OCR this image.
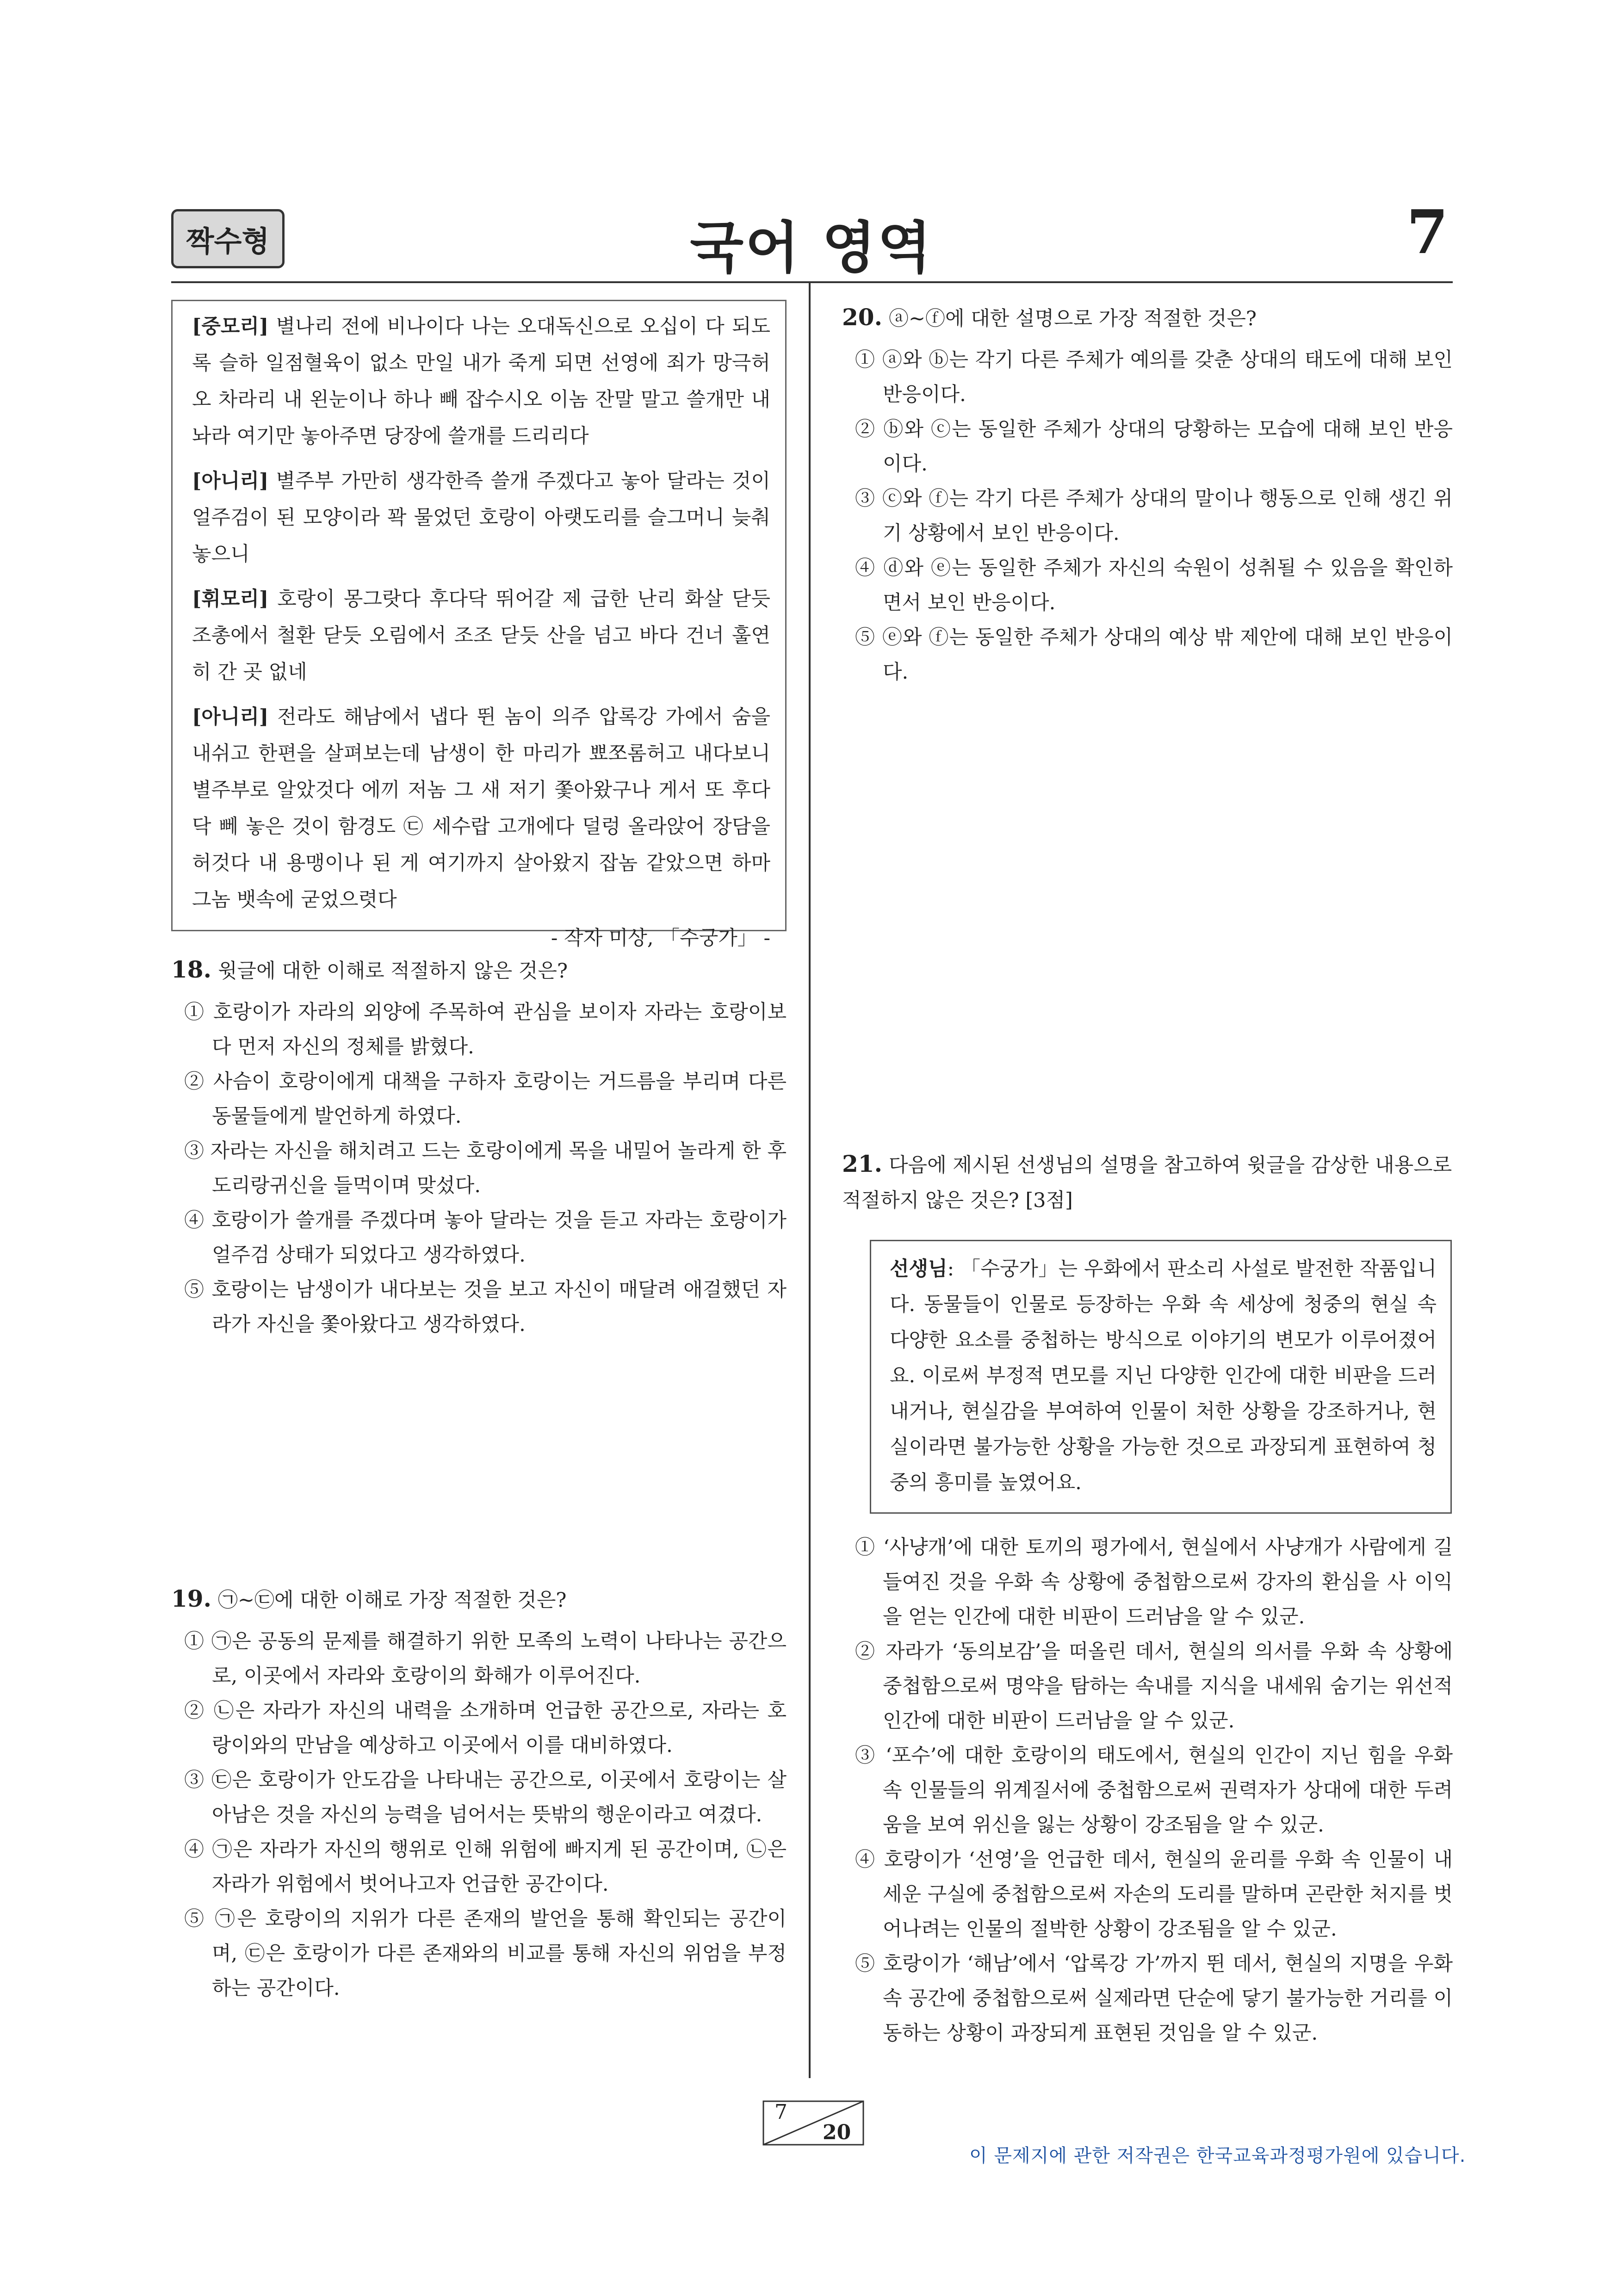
짝수형	국어 영역	7

[중모리] 별나리 전에 비나이다 나는 오대독신으로 오십이 다 되도록 슬하 일점혈육이 없소 만일 내가 죽게 되면 선영에 죄가 망극허오 차라리 내 왼눈이나 하나 빼 잡수시오 이놈 잔말 말고 쓸개만 내놔라 여기만 놓아주면 당장에 쓸개를 드리리다

[아니리] 별주부 가만히 생각한즉 쓸개 주겠다고 놓아 달라는 것이 얼주검이 된 모양이라 꽉 물었던 호랑이 아랫도리를 슬그머니 늦춰 놓으니

[휘모리] 호랑이 몽그랏다 후다닥 뛰어갈 제 급한 난리 화살 닫듯 조총에서 철환 닫듯 오림에서 조조 닫듯 산을 넘고 바다 건너 훌연히 간 곳 없네

[아니리] 전라도 해남에서 냅다 뛴 놈이 의주 압록강 가에서 숨을 내쉬고 한편을 살펴보는데 남생이 한 마리가 뾰쪼롬허고 내다보니 별주부로 알았것다 에끼 저놈 그 새 저기 쫓아왔구나 게서 또 후다닥 뻬 놓은 것이 함경도 ㉢ 세수랍 고개에다 덜렁 올라앉어 장담을 허것다 내 용맹이나 된 게 여기까지 살아왔지 잡놈 같았으면 하마 그놈 뱃속에 굳었으렷다

- 작자 미상, 「수궁가」 -

18. 윗글에 대한 이해로 적절하지 않은 것은?

① 호랑이가 자라의 외양에 주목하여 관심을 보이자 자라는 호랑이보다 먼저 자신의 정체를 밝혔다.

② 사슴이 호랑이에게 대책을 구하자 호랑이는 거드름을 부리며 다른 동물들에게 발언하게 하였다.

③ 자라는 자신을 해치려고 드는 호랑이에게 목을 내밀어 놀라게 한 후 도리랑귀신을 들먹이며 맞섰다.

④ 호랑이가 쓸개를 주겠다며 놓아 달라는 것을 듣고 자라는 호랑이가 얼주검 상태가 되었다고 생각하였다.

⑤ 호랑이는 남생이가 내다보는 것을 보고 자신이 매달려 애걸했던 자라가 자신을 쫓아왔다고 생각하였다.

19. ㉠~㉢에 대한 이해로 가장 적절한 것은?

① ㉠은 공동의 문제를 해결하기 위한 모족의 노력이 나타나는 공간으로, 이곳에서 자라와 호랑이의 화해가 이루어진다.

② ㉡은 자라가 자신의 내력을 소개하며 언급한 공간으로, 자라는 호랑이와의 만남을 예상하고 이곳에서 이를 대비하였다.

③ ㉢은 호랑이가 안도감을 나타내는 공간으로, 이곳에서 호랑이는 살아남은 것을 자신의 능력을 넘어서는 뜻밖의 행운이라고 여겼다.

④ ㉠은 자라가 자신의 행위로 인해 위험에 빠지게 된 공간이며, ㉡은 자라가 위험에서 벗어나고자 언급한 공간이다.

⑤ ㉠은 호랑이의 지위가 다른 존재의 발언을 통해 확인되는 공간이며, ㉢은 호랑이가 다른 존재와의 비교를 통해 자신의 위엄을 부정하는 공간이다.

20. ⓐ~ⓕ에 대한 설명으로 가장 적절한 것은?

① ⓐ와 ⓑ는 각기 다른 주체가 예의를 갖춘 상대의 태도에 대해 보인 반응이다.

② ⓑ와 ⓒ는 동일한 주체가 상대의 당황하는 모습에 대해 보인 반응이다.

③ ⓒ와 ⓕ는 각기 다른 주체가 상대의 말이나 행동으로 인해 생긴 위기 상황에서 보인 반응이다.

④ ⓓ와 ⓔ는 동일한 주체가 자신의 숙원이 성취될 수 있음을 확인하면서 보인 반응이다.

⑤ ⓔ와 ⓕ는 동일한 주체가 상대의 예상 밖 제안에 대해 보인 반응이다.

21. 다음에 제시된 선생님의 설명을 참고하여 윗글을 감상한 내용으로 적절하지 않은 것은? [3점]

선생님: 「수궁가」는 우화에서 판소리 사설로 발전한 작품입니다. 동물들이 인물로 등장하는 우화 속 세상에 청중의 현실 속 다양한 요소를 중첩하는 방식으로 이야기의 변모가 이루어졌어요. 이로써 부정적 면모를 지닌 다양한 인간에 대한 비판을 드러내거나, 현실감을 부여하여 인물이 처한 상황을 강조하거나, 현실이라면 불가능한 상황을 가능한 것으로 과장되게 표현하여 청중의 흥미를 높였어요.

① ‘사냥개’에 대한 토끼의 평가에서, 현실에서 사냥개가 사람에게 길들여진 것을 우화 속 상황에 중첩함으로써 강자의 환심을 사 이익을 얻는 인간에 대한 비판이 드러남을 알 수 있군.

② 자라가 ‘동의보감’을 떠올린 데서, 현실의 의서를 우화 속 상황에 중첩함으로써 명약을 탐하는 속내를 지식을 내세워 숨기는 위선적 인간에 대한 비판이 드러남을 알 수 있군.

③ ‘포수’에 대한 호랑이의 태도에서, 현실의 인간이 지닌 힘을 우화 속 인물들의 위계질서에 중첩함으로써 권력자가 상대에 대한 두려움을 보여 위신을 잃는 상황이 강조됨을 알 수 있군.

④ 호랑이가 ‘선영’을 언급한 데서, 현실의 윤리를 우화 속 인물이 내세운 구실에 중첩함으로써 자손의 도리를 말하며 곤란한 처지를 벗어나려는 인물의 절박한 상황이 강조됨을 알 수 있군.

⑤ 호랑이가 ‘해남’에서 ‘압록강 가’까지 뛴 데서, 현실의 지명을 우화 속 공간에 중첩함으로써 실제라면 단순에 닿기 불가능한 거리를 이동하는 상황이 과장되게 표현된 것임을 알 수 있군.

7
20
이 문제지에 관한 저작권은 한국교육과정평가원에 있습니다.
